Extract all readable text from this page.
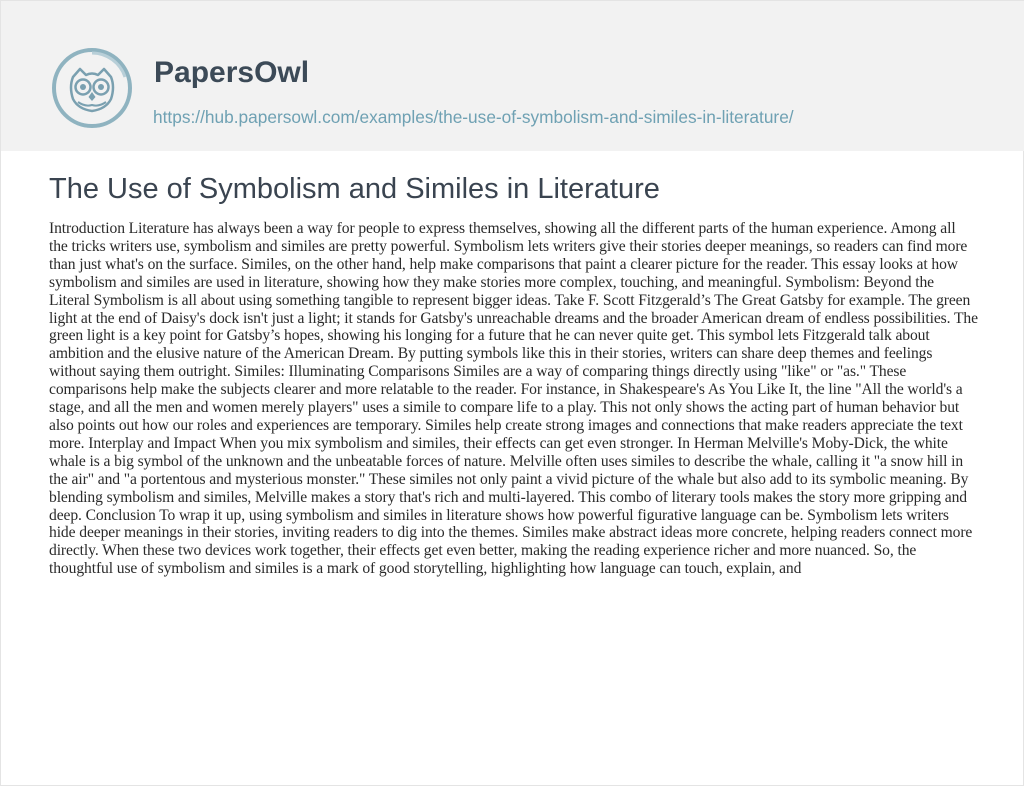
PapersOwl
https://hub.papersowl.com/examples/the-use-of-symbolism-and-similes-in-literature/
The Use of Symbolism and Similes in Literature

Introduction Literature has always been a way for people to express themselves, showing all the different parts of the human experience. Among all the tricks writers use, symbolism and similes are pretty powerful. Symbolism lets writers give their stories deeper meanings, so readers can find more than just what's on the surface. Similes, on the other hand, help make comparisons that paint a clearer picture for the reader. This essay looks at how symbolism and similes are used in literature, showing how they make stories more complex, touching, and meaningful. Symbolism: Beyond the Literal Symbolism is all about using something tangible to represent bigger ideas. Take F. Scott Fitzgerald’s The Great Gatsby for example. The green light at the end of Daisy's dock isn't just a light; it stands for Gatsby's unreachable dreams and the broader American dream of endless possibilities. The green light is a key point for Gatsby’s hopes, showing his longing for a future that he can never quite get. This symbol lets Fitzgerald talk about ambition and the elusive nature of the American Dream. By putting symbols like this in their stories, writers can share deep themes and feelings without saying them outright. Similes: Illuminating Comparisons Similes are a way of comparing things directly using "like" or "as." These comparisons help make the subjects clearer and more relatable to the reader. For instance, in Shakespeare's As You Like It, the line "All the world's a stage, and all the men and women merely players" uses a simile to compare life to a play. This not only shows the acting part of human behavior but also points out how our roles and experiences are temporary. Similes help create strong images and connections that make readers appreciate the text more. Interplay and Impact When you mix symbolism and similes, their effects can get even stronger. In Herman Melville's Moby-Dick, the white whale is a big symbol of the unknown and the unbeatable forces of nature. Melville often uses similes to describe the whale, calling it "a snow hill in the air" and "a portentous and mysterious monster." These similes not only paint a vivid picture of the whale but also add to its symbolic meaning. By blending symbolism and similes, Melville makes a story that's rich and multi-layered. This combo of literary tools makes the story more gripping and deep. Conclusion To wrap it up, using symbolism and similes in literature shows how powerful figurative language can be. Symbolism lets writers hide deeper meanings in their stories, inviting readers to dig into the themes. Similes make abstract ideas more concrete, helping readers connect more directly. When these two devices work together, their effects get even better, making the reading experience richer and more nuanced. So, the thoughtful use of symbolism and similes is a mark of good storytelling, highlighting how language can touch, explain, and
